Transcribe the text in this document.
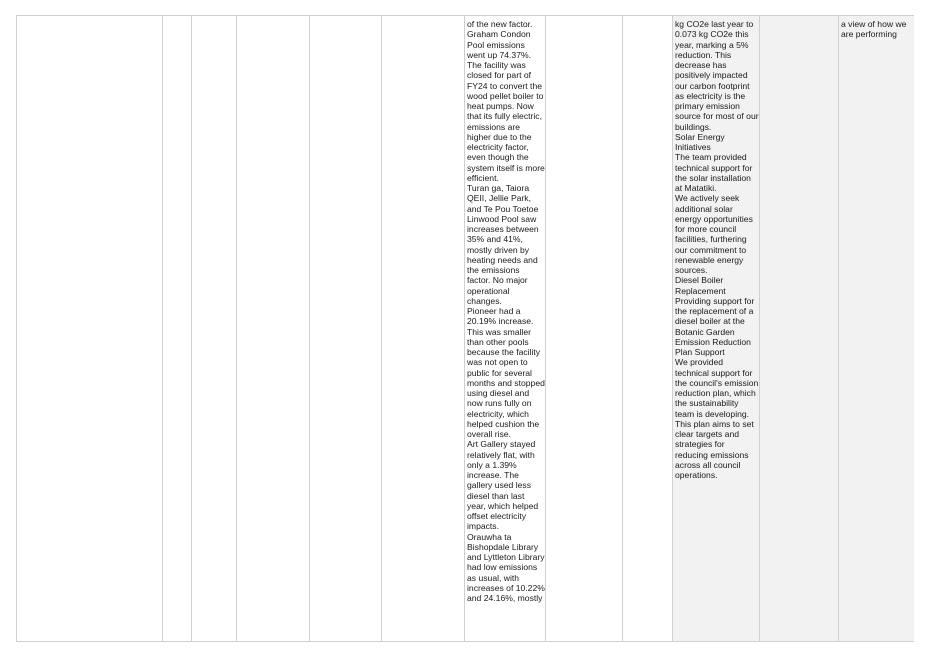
of the new factor.
Graham Condon Pool emissions went up 74.37%. The facility was closed for part of FY24 to convert the wood pellet boiler to heat pumps. Now that its fully electric, emissions are higher due to the electricity factor, even though the system itself is more efficient.
Turan ga, Taiora QEII, Jellie Park, and Te Pou Toetoe Linwood Pool saw increases between 35% and 41%, mostly driven by heating needs and the emissions factor. No major operational changes.
Pioneer had a 20.19% increase. This was smaller than other pools because the facility was not open to public for several months and stopped using diesel and now runs fully on electricity, which helped cushion the overall rise.
Art Gallery stayed relatively flat, with only a 1.39% increase. The gallery used less diesel than last year, which helped offset electricity impacts.
Orauwha ta Bishopdale Library and Lyttleton Library had low emissions as usual, with increases of 10.22% and 24.16%, mostly
kg CO2e last year to 0.073 kg CO2e this year, marking a 5% reduction. This decrease has positively impacted our carbon footprint as electricity is the primary emission source for most of our buildings.
Solar Energy Initiatives
The team provided technical support for the solar installation at Matatiki.
We actively seek additional solar energy opportunities for more council facilities, furthering our commitment to renewable energy sources.
Diesel Boiler Replacement
Providing support for the replacement of a diesel boiler at the Botanic Garden
Emission Reduction Plan Support
We provided technical support for the council's emission reduction plan, which the sustainability team is developing. This plan aims to set clear targets and strategies for reducing emissions across all council operations.
a view of how we are performing
